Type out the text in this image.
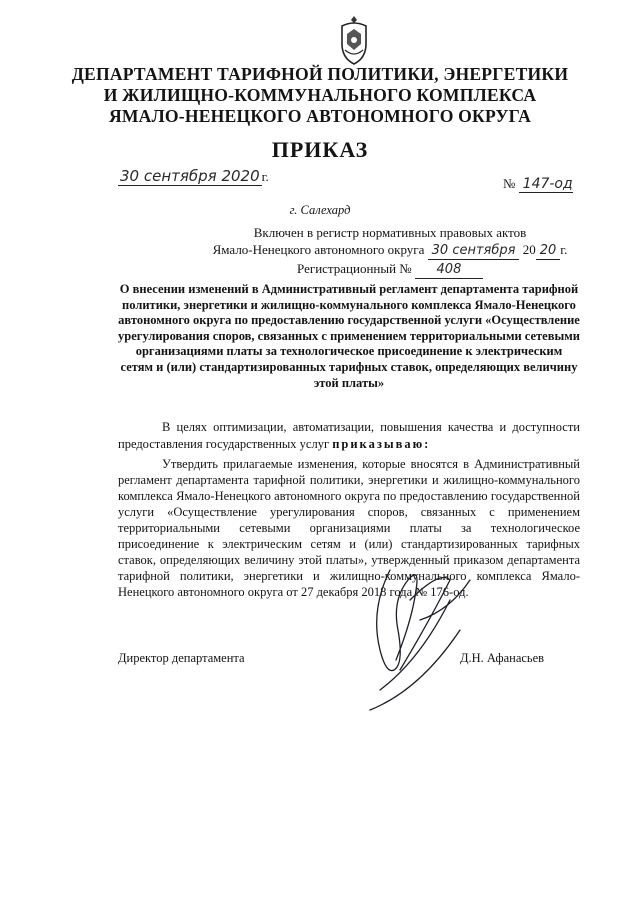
ДЕПАРТАМЕНТ ТАРИФНОЙ ПОЛИТИКИ, ЭНЕРГЕТИКИ
И ЖИЛИЩНО-КОММУНАЛЬНОГО КОМПЛЕКСА
ЯМАЛО-НЕНЕЦКОГО АВТОНОМНОГО ОКРУГА
ПРИКАЗ
30 сентября 2020 г.	№ 147-од
г. Салехард
Включен в регистр нормативных правовых актов
Ямало-Ненецкого автономного округа 30 сентября 20 20 г.
Регистрационный № 408
О внесении изменений в Административный регламент департамента тарифной политики, энергетики и жилищно-коммунального комплекса Ямало-Ненецкого автономного округа по предоставлению государственной услуги «Осуществление урегулирования споров, связанных с применением территориальными сетевыми организациями платы за технологическое присоединение к электрическим сетям и (или) стандартизированных тарифных ставок, определяющих величину этой платы»
В целях оптимизации, автоматизации, повышения качества и доступности предоставления государственных услуг приказываю:
Утвердить прилагаемые изменения, которые вносятся в Административный регламент департамента тарифной политики, энергетики и жилищно-коммунального комплекса Ямало-Ненецкого автономного округа по предоставлению государственной услуги «Осуществление урегулирования споров, связанных с применением территориальными сетевыми организациями платы за технологическое присоединение к электрическим сетям и (или) стандартизированных тарифных ставок, определяющих величину этой платы», утвержденный приказом департамента тарифной политики, энергетики и жилищно-коммунального комплекса Ямало-Ненецкого автономного округа от 27 декабря 2018 года № 176-од.
Директор департамента	Д.Н. Афанасьев
